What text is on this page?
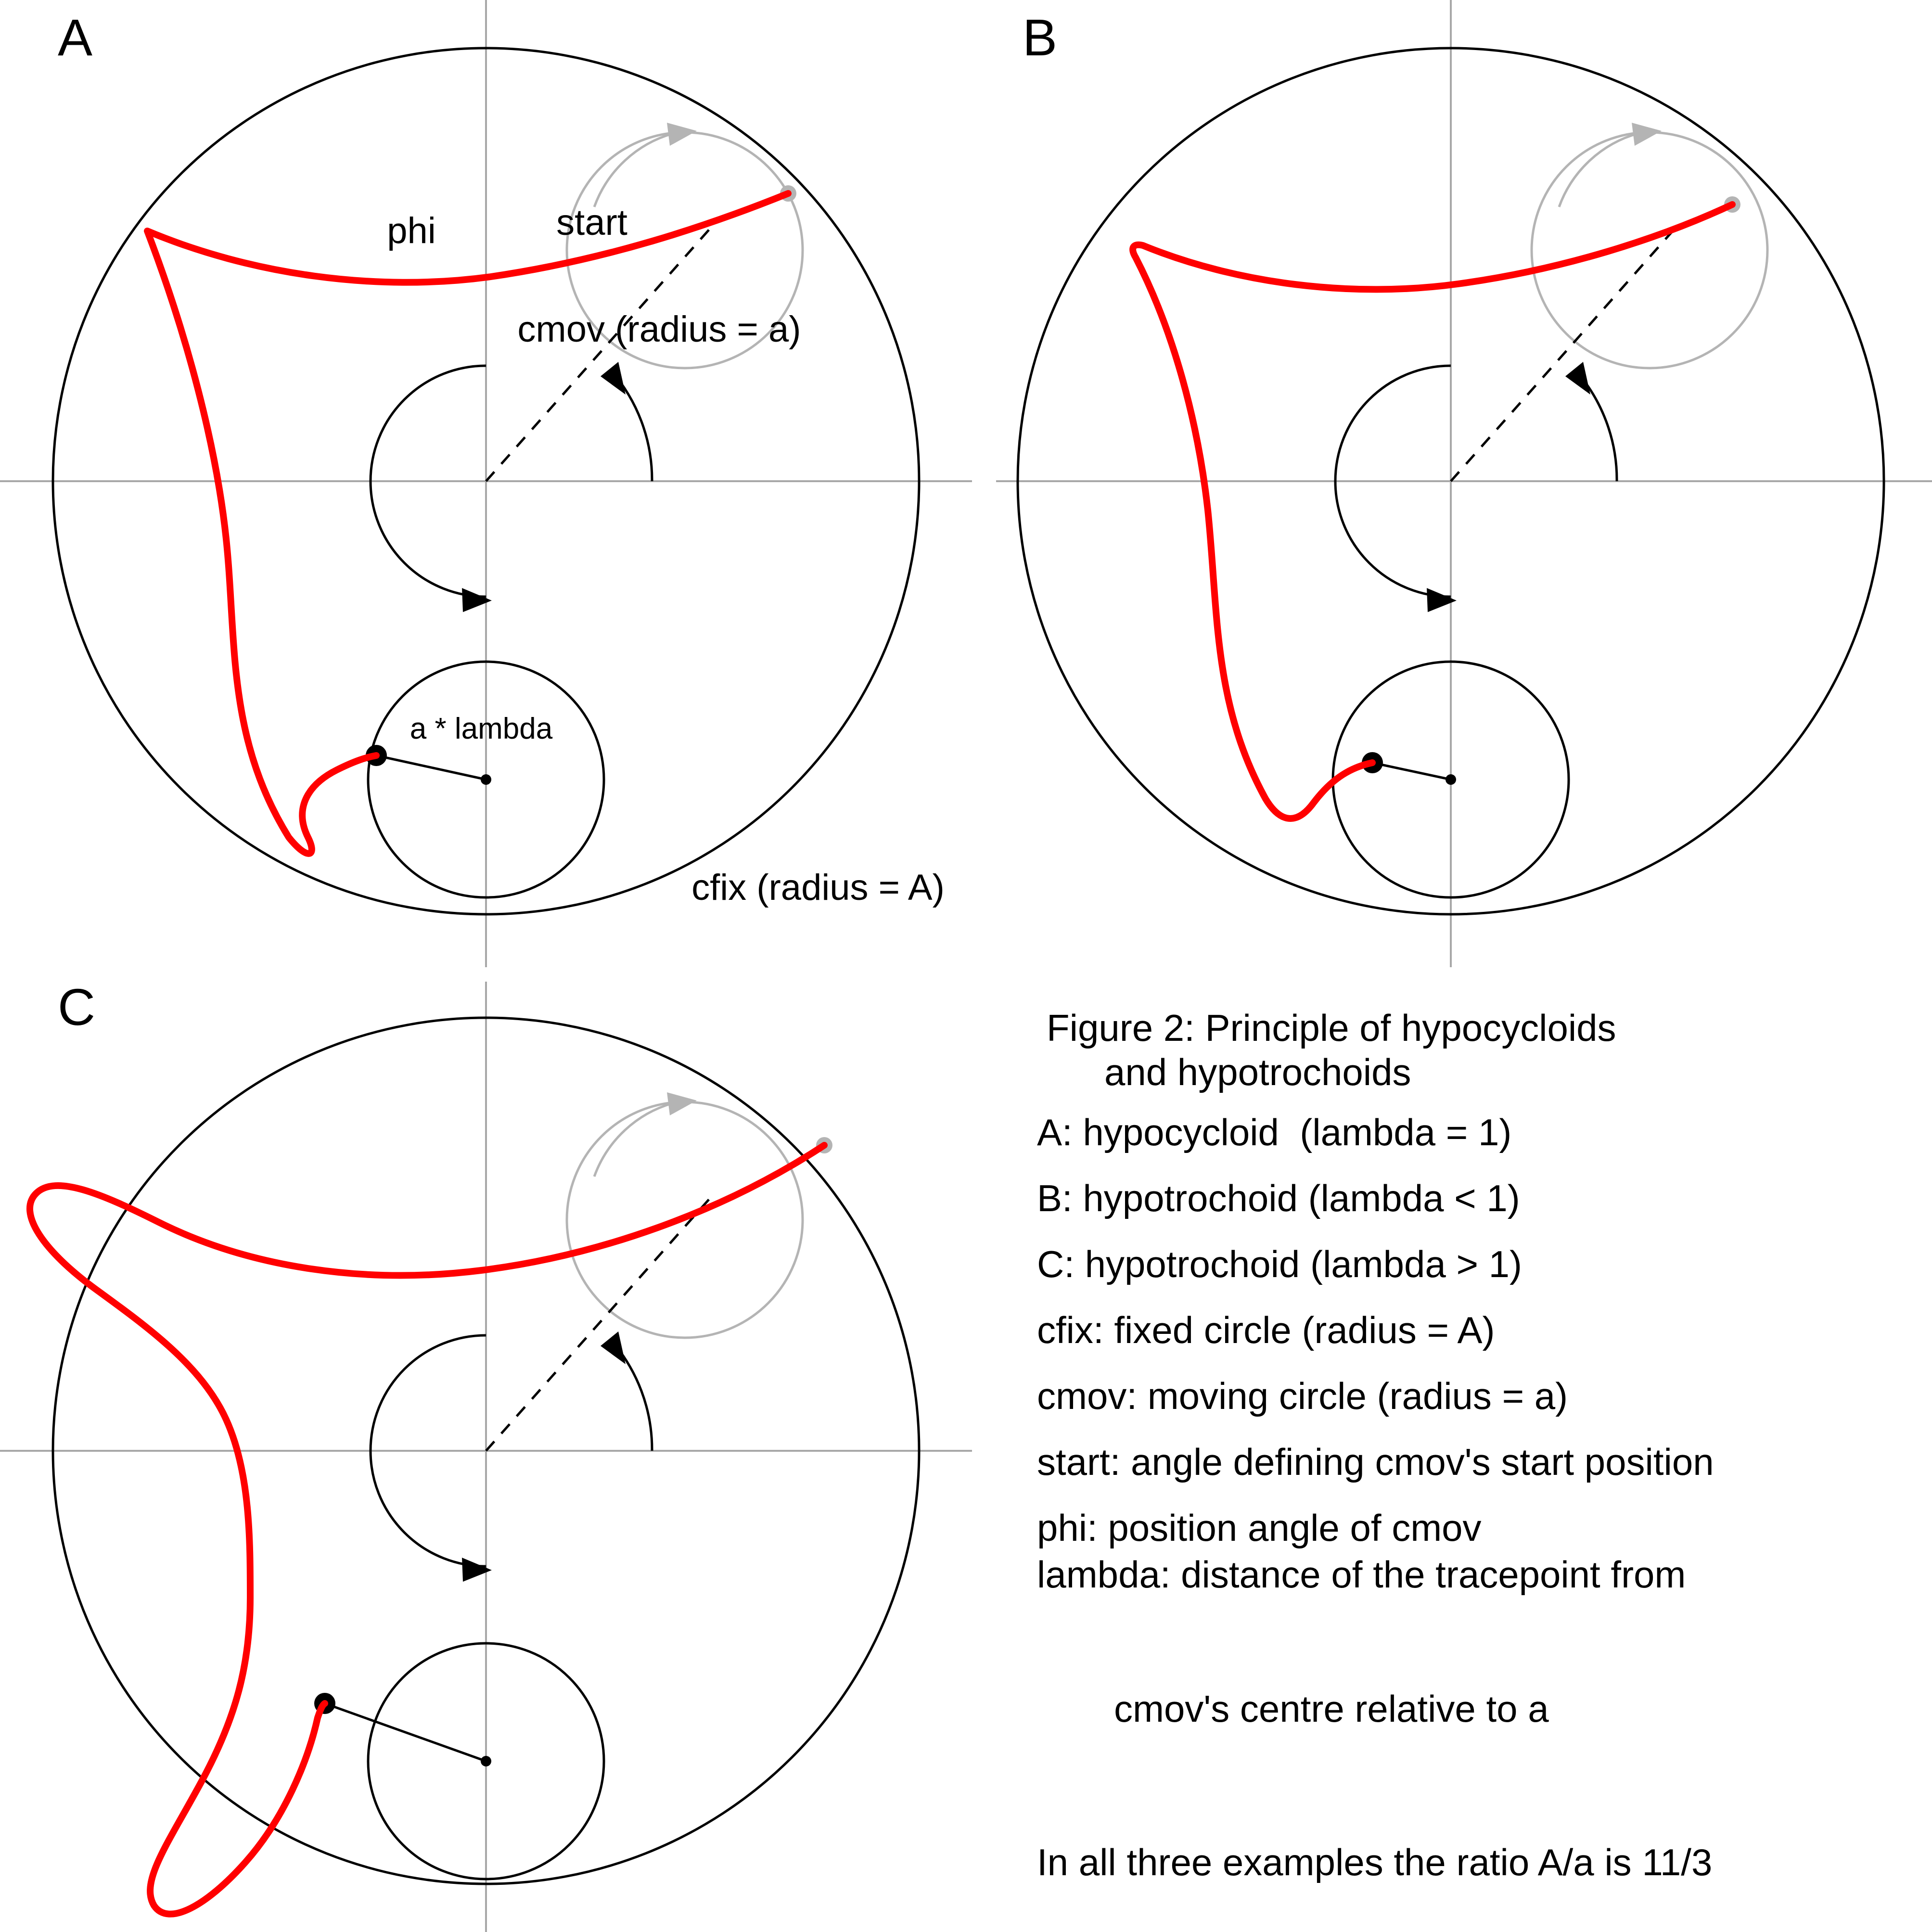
A
phi	start
cmov (radius = a)
a * lambda
cfix (radius = A)
B
C	Figure 2: Principle of hypocycloids
and hypotrochoids

A: hypocycloid  (lambda = 1)

B: hypotrochoid (lambda < 1)

C: hypotrochoid (lambda > 1)

cfix: fixed circle (radius = A)

cmov: moving circle (radius = a)

start: angle defining cmov's start position

phi: position angle of cmov

lambda: distance of the tracepoint from

cmov's centre relative to a

In all three examples the ratio A/a is 11/3
